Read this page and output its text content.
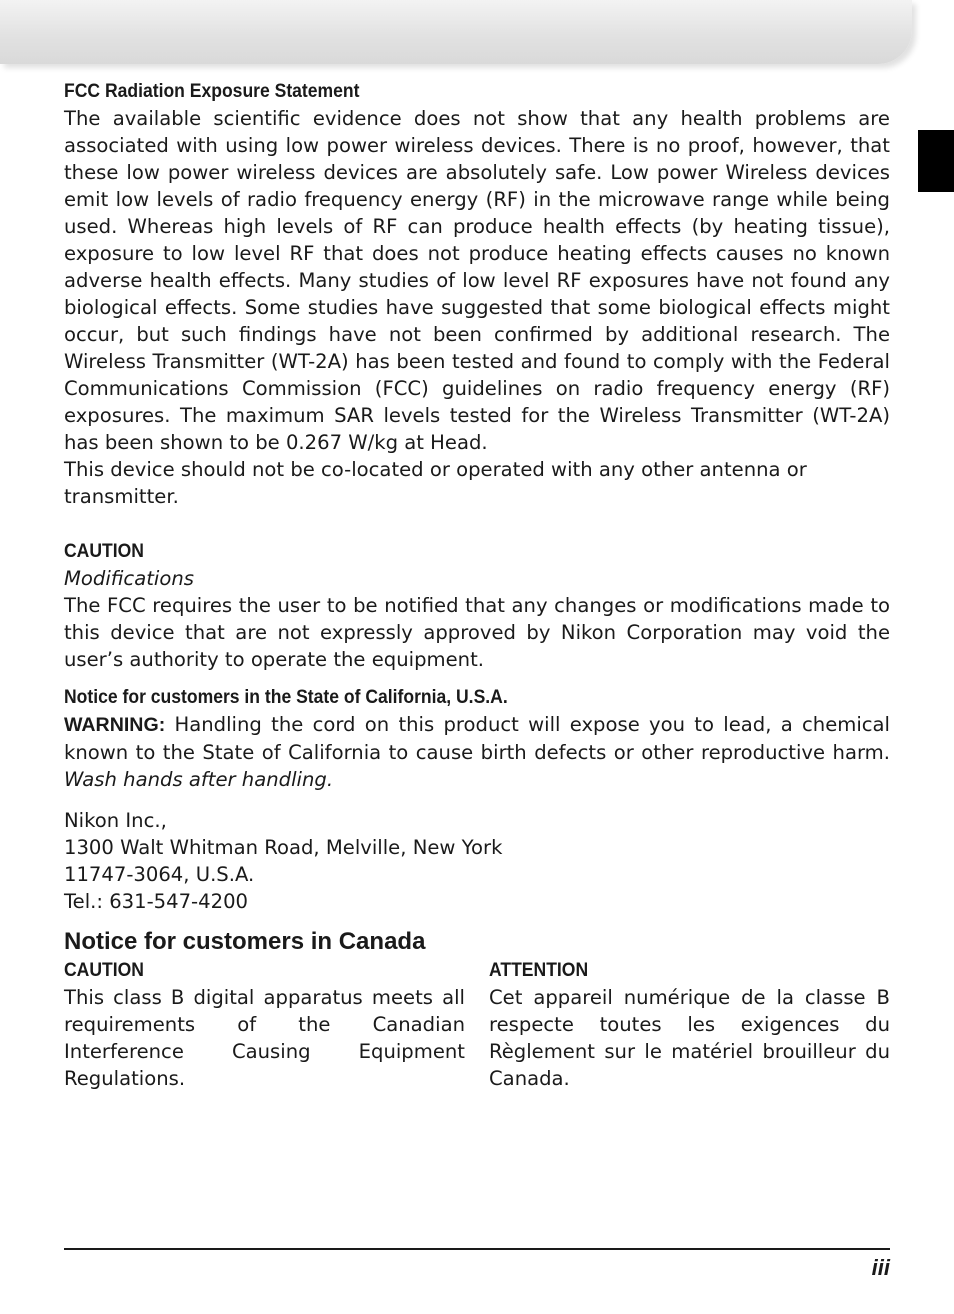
FCC Radiation Exposure Statement

The available scientific evidence does not show that any health problems are associated with using low power wireless devices. There is no proof, however, that these low power wireless devices are absolutely safe. Low power Wireless devices emit low levels of radio frequency energy (RF) in the microwave range while being used. Whereas high levels of RF can produce health effects (by heating tissue), exposure to low level RF that does not produce heating effects causes no known adverse health effects. Many studies of low level RF exposures have not found any biological effects. Some studies have suggested that some biological effects might occur, but such findings have not been confirmed by additional research. The Wireless Transmitter (WT-2A) has been tested and found to comply with the Federal Communications Commission (FCC) guidelines on radio frequency energy (RF) exposures. The maximum SAR levels tested for the Wireless Transmitter (WT-2A) has been shown to be 0.267 W/kg at Head.

This device should not be co-located or operated with any other antenna or transmitter.

CAUTION
Modifications

The FCC requires the user to be notified that any changes or modifications made to this device that are not expressly approved by Nikon Corporation may void the user’s authority to operate the equipment.

Notice for customers in the State of California, U.S.A.

WARNING: Handling the cord on this product will expose you to lead, a chemical known to the State of California to cause birth defects or other reproductive harm. Wash hands after handling.

Nikon Inc.,
1300 Walt Whitman Road, Melville, New York
11747-3064, U.S.A.
Tel.: 631-547-4200
Notice for customers in Canada
CAUTION

This class B digital apparatus meets all requirements of the Canadian Interference Causing Equipment Regulations.

ATTENTION

Cet appareil numérique de la classe B respecte toutes les exigences du Règlement sur le matériel brouilleur du Canada.

iii
